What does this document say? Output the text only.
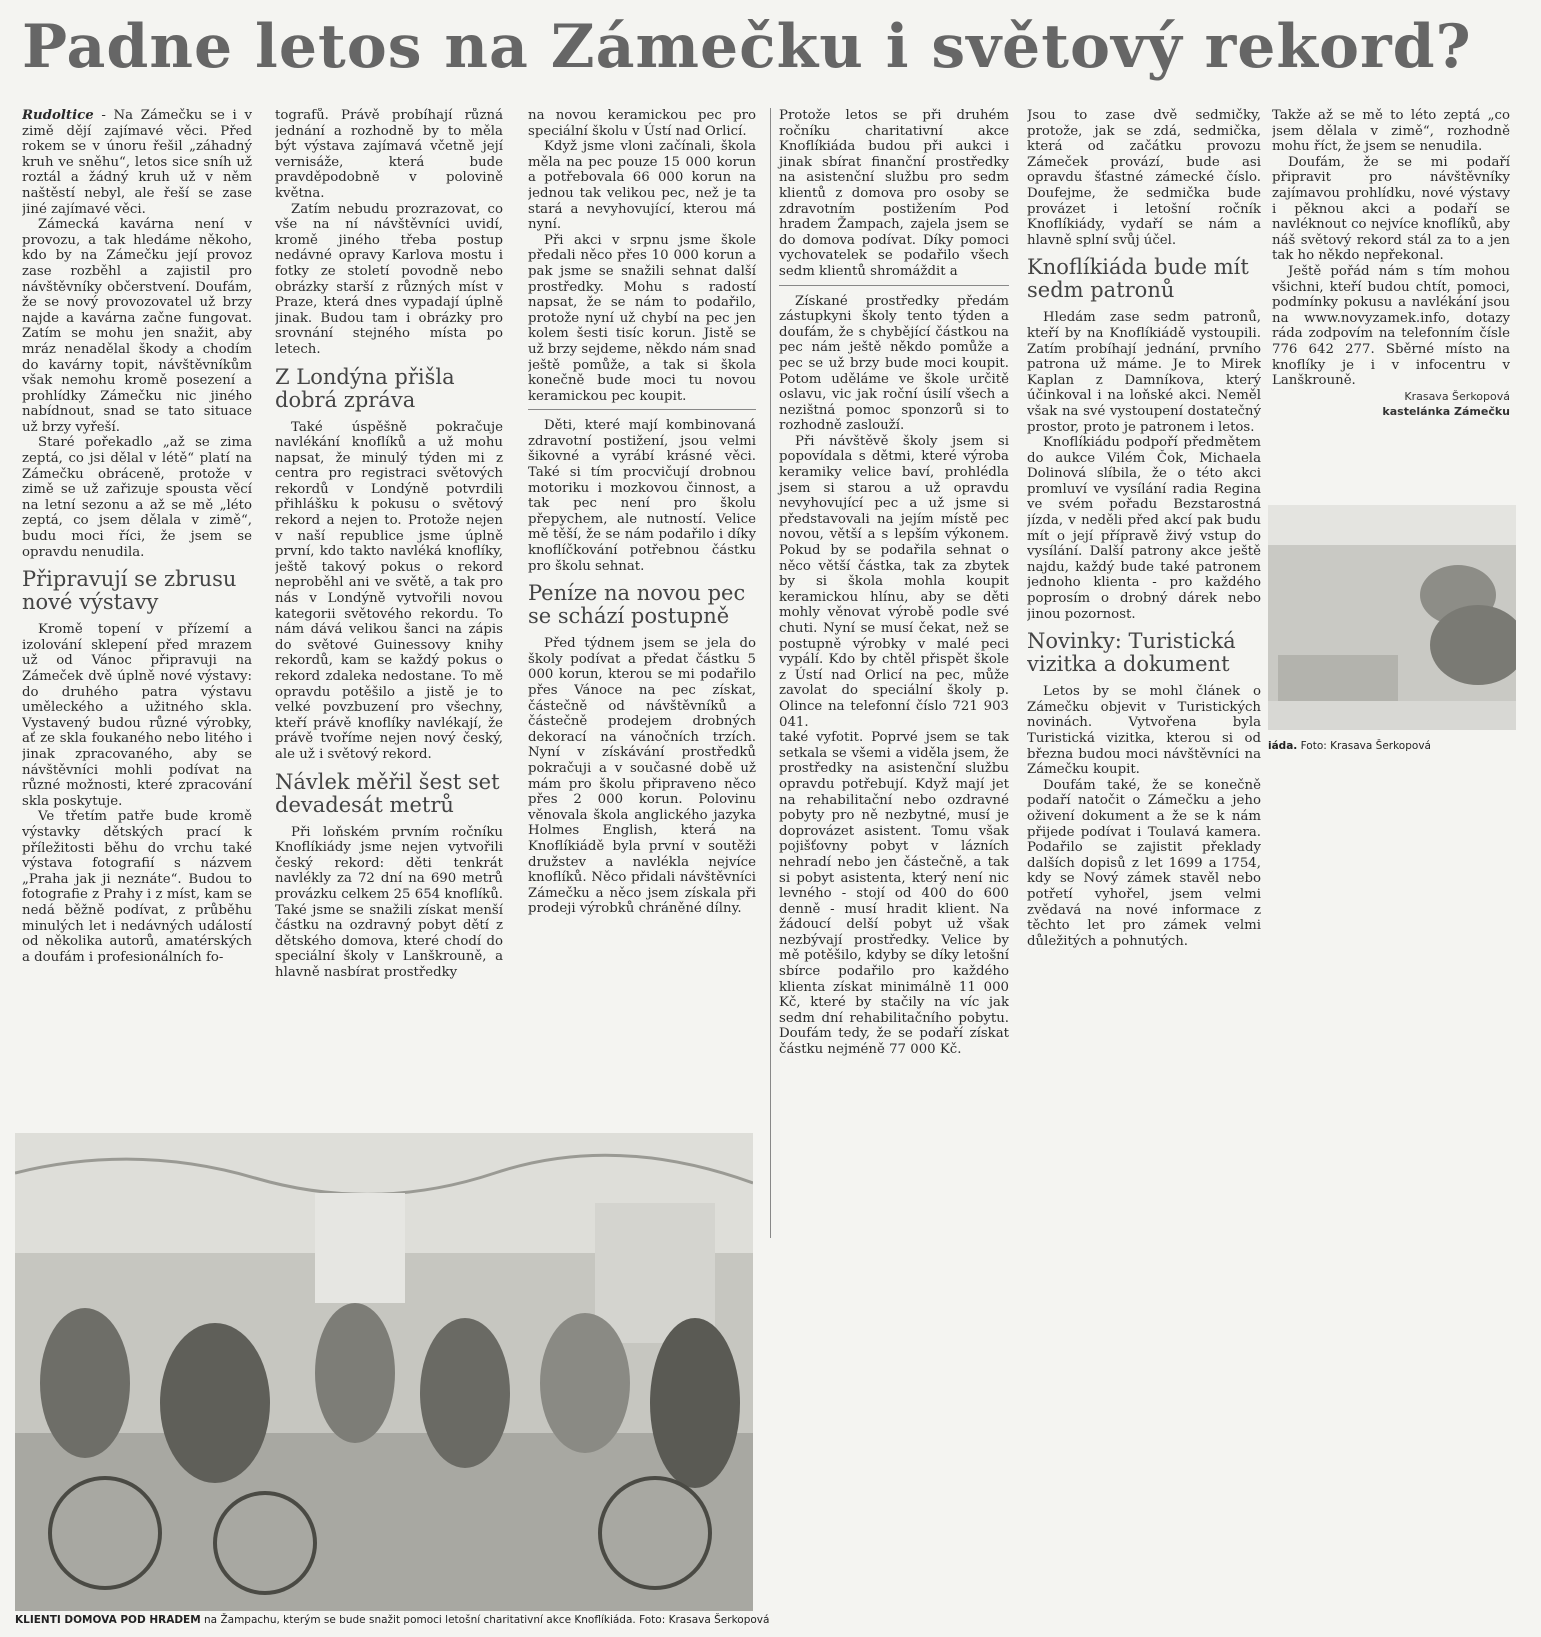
Padne letos na Zámečku i světový rekord?

Rudoltice - Na Zámečku se i v zimě dějí zajímavé věci. Před rokem se v únoru řešil „záhadný kruh ve sněhu“, letos sice sníh už roztál a žádný kruh už v něm naštěstí nebyl, ale řeší se zase jiné zajímavé věci.

Zámecká kavárna není v provozu, a tak hledáme někoho, kdo by na Zámečku její provoz zase rozběhl a zajistil pro návštěvníky občerstvení. Doufám, že se nový provozovatel už brzy najde a kavárna začne fungovat. Zatím se mohu jen snažit, aby mráz nenadělal škody a chodím do kavárny topit, návštěvníkům však nemohu kromě posezení a prohlídky Zámečku nic jiného nabídnout, snad se tato situace už brzy vyřeší.

Staré pořekadlo „až se zima zeptá, co jsi dělal v létě“ platí na Zámečku obráceně, protože v zimě se už zařizuje spousta věcí na letní sezonu a až se mě „léto zeptá, co jsem dělala v zimě“, budu moci říci, že jsem se opravdu nenudila.

Připravují se zbrusu nové výstavy

Kromě topení v přízemí a izolování sklepení před mrazem už od Vánoc připravuji na Zámeček dvě úplně nové výstavy: do druhého patra výstavu uměleckého a užitného skla. Vystavený budou různé výrobky, ať ze skla foukaného nebo litého i jinak zpracovaného, aby se návštěvníci mohli podívat na různé možnosti, které zpracování skla poskytuje.

Ve třetím patře bude kromě výstavky dětských prací k příležitosti běhu do vrchu také výstava fotografií s názvem „Praha jak ji neznáte“. Budou to fotografie z Prahy i z míst, kam se nedá běžně podívat, z průběhu minulých let i nedávných událostí od několika autorů, amatérských a doufám i profesionálních fo-

tografů. Právě probíhají různá jednání a rozhodně by to měla být výstava zajímavá včetně její vernisáže, která bude pravděpodobně v polovině května.

Zatím nebudu prozrazovat, co vše na ní návštěvníci uvidí, kromě jiného třeba postup nedávné opravy Karlova mostu i fotky ze století povodně nebo obrázky starší z různých míst v Praze, která dnes vypadají úplně jinak. Budou tam i obrázky pro srovnání stejného místa po letech.

Z Londýna přišla dobrá zpráva

Také úspěšně pokračuje navlékání knoflíků a už mohu napsat, že minulý týden mi z centra pro registraci světových rekordů v Londýně potvrdili přihlášku k pokusu o světový rekord a nejen to. Protože nejen v naší republice jsme úplně první, kdo takto navléká knoflíky, ještě takový pokus o rekord neproběhl ani ve světě, a tak pro nás v Londýně vytvořili novou kategorii světového rekordu. To nám dává velikou šanci na zápis do světové Guinessovy knihy rekordů, kam se každý pokus o rekord zdaleka nedostane. To mě opravdu potěšilo a jistě je to velké povzbuzení pro všechny, kteří právě knoflíky navlékají, že právě tvoříme nejen nový český, ale už i světový rekord.

Návlek měřil šest set devadesát metrů

Při loňském prvním ročníku Knoflíkiády jsme nejen vytvořili český rekord: děti tenkrát navlékly za 72 dní na 690 metrů provázku celkem 25 654 knoflíků. Také jsme se snažili získat menší částku na ozdravný pobyt dětí z dětského domova, které chodí do speciální školy v Lanškrouně, a hlavně nasbírat prostředky

na novou keramickou pec pro speciální školu v Ústí nad Orlicí.

Když jsme vloni začínali, škola měla na pec pouze 15 000 korun a potřebovala 66 000 korun na jednou tak velikou pec, než je ta stará a nevyhovující, kterou má nyní.

Při akci v srpnu jsme škole předali něco přes 10 000 korun a pak jsme se snažili sehnat další prostředky. Mohu s radostí napsat, že se nám to podařilo, protože nyní už chybí na pec jen kolem šesti tisíc korun. Jistě se už brzy sejdeme, někdo nám snad ještě pomůže, a tak si škola konečně bude moci tu novou keramickou pec koupit.

Děti, které mají kombinovaná zdravotní postižení, jsou velmi šikovné a vyrábí krásné věci. Také si tím procvičují drobnou motoriku i mozkovou činnost, a tak pec není pro školu přepychem, ale nutností. Velice mě těší, že se nám podařilo i díky knoflíčkování potřebnou částku pro školu sehnat.

Peníze na novou pec se schází postupně

Před týdnem jsem se jela do školy podívat a předat částku 5 000 korun, kterou se mi podařilo přes Vánoce na pec získat, částečně od návštěvníků a částečně prodejem drobných dekorací na vánočních trzích. Nyní v získávání prostředků pokračuji a v současné době už mám pro školu připraveno něco přes 2 000 korun. Polovinu věnovala škola anglického jazyka Holmes English, která na Knoflíkiádě byla první v soutěži družstev a navlékla nejvíce knoflíků. Něco přidali návštěvníci Zámečku a něco jsem získala při prodeji výrobků chráněné dílny.

Protože letos se při druhém ročníku charitativní akce Knoflíkiáda budou při aukci i jinak sbírat finanční prostředky na asistenční službu pro sedm klientů z domova pro osoby se zdravotním postižením Pod hradem Žampach, zajela jsem se do domova podívat. Díky pomoci vychovatelek se podařilo všech sedm klientů shromáždit a

Získané prostředky předám zástupkyni školy tento týden a doufám, že s chybějící částkou na pec nám ještě někdo pomůže a pec se už brzy bude moci koupit. Potom uděláme ve škole určitě oslavu, vic jak roční úsilí všech a nezištná pomoc sponzorů si to rozhodně zaslouží.

Při návštěvě školy jsem si popovídala s dětmi, které výroba keramiky velice baví, prohlédla jsem si starou a už opravdu nevyhovující pec a už jsme si představovali na jejím místě pec novou, větší a s lepším výkonem. Pokud by se podařila sehnat o něco větší částka, tak za zbytek by si škola mohla koupit keramickou hlínu, aby se děti mohly věnovat výrobě podle své chuti. Nyní se musí čekat, než se postupně výrobky v malé peci vypálí. Kdo by chtěl přispět škole z Ústí nad Orlicí na pec, může zavolat do speciální školy p. Olince na telefonní číslo 721 903 041.

také vyfotit. Poprvé jsem se tak setkala se všemi a viděla jsem, že prostředky na asistenční službu opravdu potřebují. Když mají jet na rehabilitační nebo ozdravné pobyty pro ně nezbytné, musí je doprovázet asistent. Tomu však pojišťovny pobyt v lázních nehradí nebo jen částečně, a tak si pobyt asistenta, který není nic levného - stojí od 400 do 600 denně - musí hradit klient. Na žádoucí delší pobyt už však nezbývají prostředky. Velice by mě potěšilo, kdyby se díky letošní sbírce podařilo pro každého klienta získat minimálně 11 000 Kč, které by stačily na víc jak sedm dní rehabilitačního pobytu. Doufám tedy, že se podaří získat částku nejméně 77 000 Kč.

Jsou to zase dvě sedmičky, protože, jak se zdá, sedmička, která od začátku provozu Zámeček provází, bude asi opravdu šťastné zámecké číslo. Doufejme, že sedmička bude provázet i letošní ročník Knoflíkiády, vydaří se nám a hlavně splní svůj účel.

Knoflíkiáda bude mít sedm patronů

Hledám zase sedm patronů, kteří by na Knoflíkiádě vystoupili. Zatím probíhají jednání, prvního patrona už máme. Je to Mirek Kaplan z Damníkova, který účinkoval i na loňské akci. Neměl však na své vystoupení dostatečný prostor, proto je patronem i letos.

Knoflíkiádu podpoří předmětem do aukce Vilém Čok, Michaela Dolinová slíbila, že o této akci promluví ve vysílání radia Regina ve svém pořadu Bezstarostná jízda, v neděli před akcí pak budu mít o její přípravě živý vstup do vysílání. Další patrony akce ještě najdu, každý bude také patronem jednoho klienta - pro každého poprosím o drobný dárek nebo jinou pozornost.

Novinky: Turistická vizitka a dokument

Letos by se mohl článek o Zámečku objevit v Turistických novinách. Vytvořena byla Turistická vizitka, kterou si od března budou moci návštěvníci na Zámečku koupit.

Doufám také, že se konečně podaří natočit o Zámečku a jeho oživení dokument a že se k nám přijede podívat i Toulavá kamera. Podařilo se zajistit překlady dalších dopisů z let 1699 a 1754, kdy se Nový zámek stavěl nebo potřetí vyhořel, jsem velmi zvědavá na nové informace z těchto let pro zámek velmi důležitých a pohnutých.

Takže až se mě to léto zeptá „co jsem dělala v zimě“, rozhodně mohu říct, že jsem se nenudila.

Doufám, že se mi podaří připravit pro návštěvníky zajímavou prohlídku, nové výstavy i pěknou akci a podaří se navléknout co nejvíce knoflíků, aby náš světový rekord stál za to a jen tak ho někdo nepřekonal.

Ještě pořád nám s tím mohou všichni, kteří budou chtít, pomoci, podmínky pokusu a navlékání jsou na www.novyzamek.info, dotazy ráda zodpovím na telefonním čísle 776 642 277. Sběrné místo na knoflíky je i v infocentru v Lanškrouně.

Krasava Šerkopová
kastelánka Zámečku
iáda. Foto: Krasava Šerkopová
KLIENTI DOMOVA POD HRADEM na Žampachu, kterým se bude snažit pomoci letošní charitativní akce Knoflíkiáda. Foto: Krasava Šerkopová
